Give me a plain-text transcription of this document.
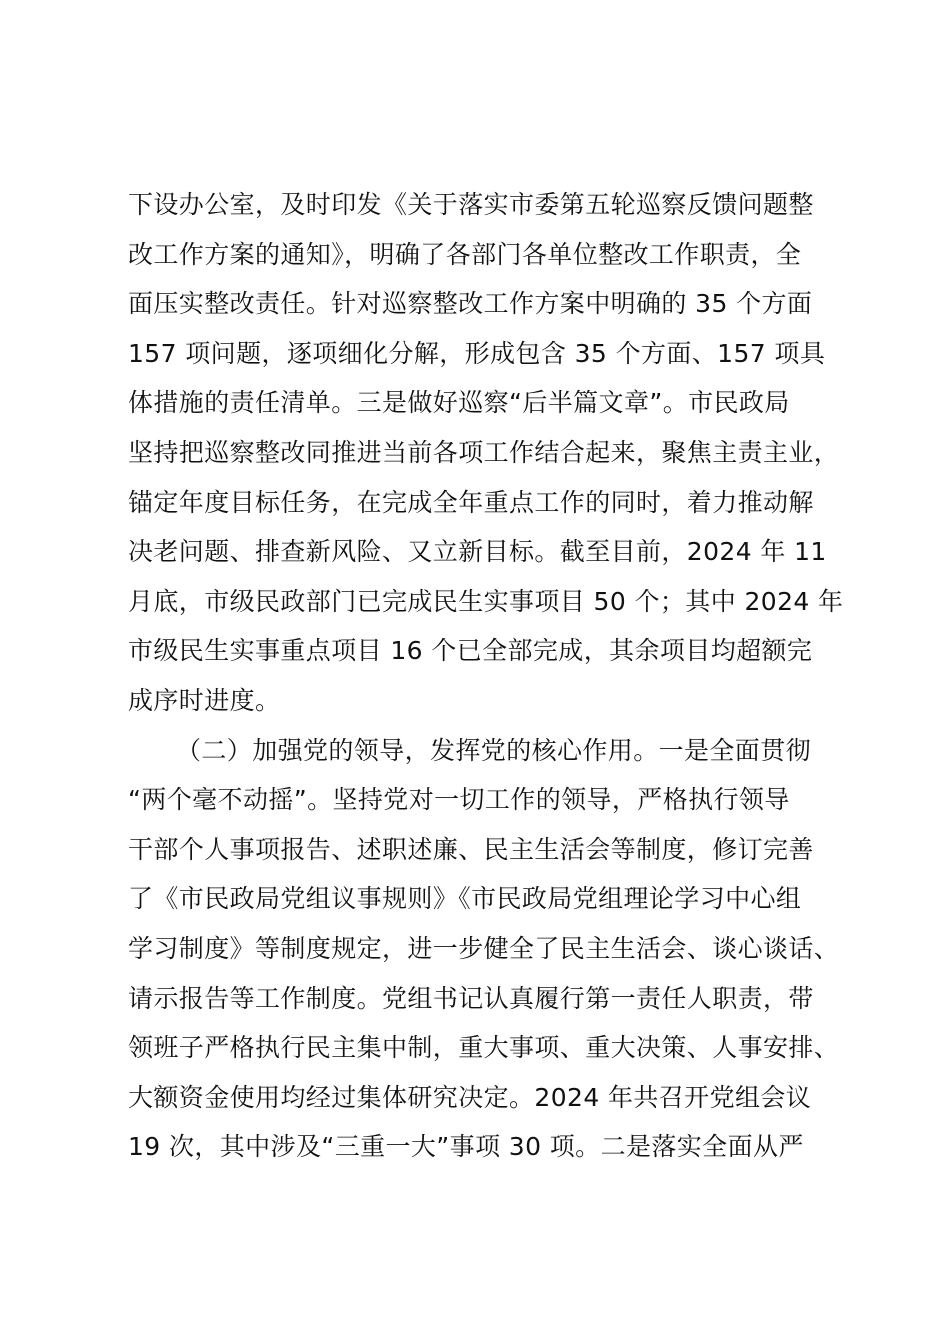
下设办公室，及时印发《关于落实市委第五轮巡察反馈问题整
改工作方案的通知》，明确了各部门各单位整改工作职责，全
面压实整改责任。针对巡察整改工作方案中明确的 35 个方面
157 项问题，逐项细化分解，形成包含 35 个方面、157 项具
体措施的责任清单。三是做好巡察“后半篇文章”。市民政局
坚持把巡察整改同推进当前各项工作结合起来，聚焦主责主业，
锚定年度目标任务，在完成全年重点工作的同时，着力推动解
决老问题、排查新风险、又立新目标。截至目前，2024 年 11
月底，市级民政部门已完成民生实事项目 50 个；其中 2024 年
市级民生实事重点项目 16 个已全部完成，其余项目均超额完
成序时进度。
（二）加强党的领导，发挥党的核心作用。一是全面贯彻
“两个毫不动摇”。坚持党对一切工作的领导，严格执行领导
干部个人事项报告、述职述廉、民主生活会等制度，修订完善
了《市民政局党组议事规则》《市民政局党组理论学习中心组
学习制度》等制度规定，进一步健全了民主生活会、谈心谈话、
请示报告等工作制度。党组书记认真履行第一责任人职责，带
领班子严格执行民主集中制，重大事项、重大决策、人事安排、
大额资金使用均经过集体研究决定。2024 年共召开党组会议
19 次，其中涉及“三重一大”事项 30 项。二是落实全面从严
